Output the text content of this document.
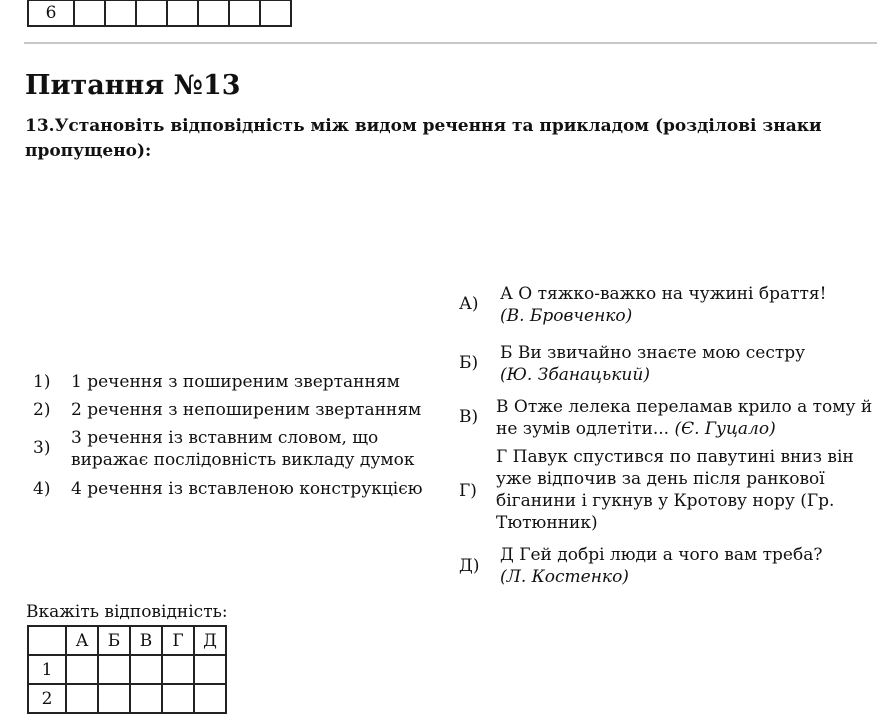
6							
Питання №13
13.Установіть відповідність між видом речення та прикладом (розділові знаки пропущено):
1)	1 речення з поширеним звертанням
2)	2 речення з непоширеним звертанням
3)	3 речення із вставним словом, що
виражає послідовність викладу думок
4)	4 речення із вставленою конструкцією
А) А О тяжко-важко на чужині браття!
(В. Бровченко)
Б) Б Ви звичайно знаєте мою сестру
(Ю. Збанацький)
В) В Отже лелека переламав крило а тому й
не зумів одлетіти... (Є. Гуцало)
Г)
Г Павук спустився по павутині вниз він
уже відпочив за день після ранкової
біганини і гукнув у Кротову нору (Гр.
Тютюнник)
Д)
Д Гей добрі люди а чого вам треба?
(Л. Костенко)
Вкажіть відповідність:
	А	Б	В	Г	Д
1					
2					
